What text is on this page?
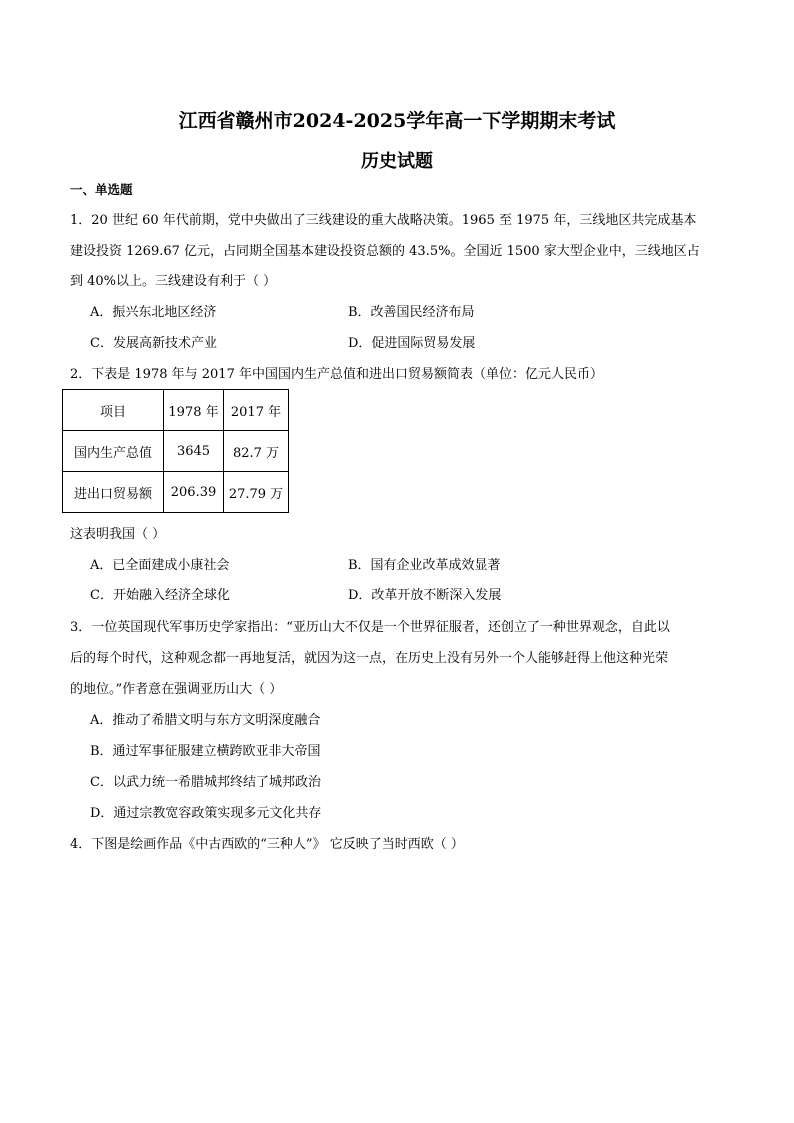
江西省赣州市2024-2025学年高一下学期期末考试
历史试题
一、单选题
1．20 世纪 60 年代前期，党中央做出了三线建设的重大战略决策。1965 至 1975 年，三线地区共完成基本
建设投资 1269.67 亿元，占同期全国基本建设投资总额的 43.5%。全国近 1500 家大型企业中，三线地区占
到 40%以上。三线建设有利于（ ）
A．振兴东北地区经济	B．改善国民经济布局
C．发展高新技术产业	D．促进国际贸易发展
2．下表是 1978 年与 2017 年中国国内生产总值和进出口贸易额简表（单位：亿元人民币）
项目	1978 年	2017 年
国内生产总值	3645	82.7 万
进出口贸易额	206.39	27.79 万
这表明我国（ ）
A．已全面建成小康社会	B．国有企业改革成效显著
C．开始融入经济全球化	D．改革开放不断深入发展
3．一位英国现代军事历史学家指出：“亚历山大不仅是一个世界征服者，还创立了一种世界观念，自此以
后的每个时代，这种观念都一再地复活，就因为这一点，在历史上没有另外一个人能够赶得上他这种光荣
的地位。”作者意在强调亚历山大（ ）
A．推动了希腊文明与东方文明深度融合
B．通过军事征服建立横跨欧亚非大帝国
C．以武力统一希腊城邦终结了城邦政治
D．通过宗教宽容政策实现多元文化共存
4．下图是绘画作品《中古西欧的“三种人”》 它反映了当时西欧（ ）
